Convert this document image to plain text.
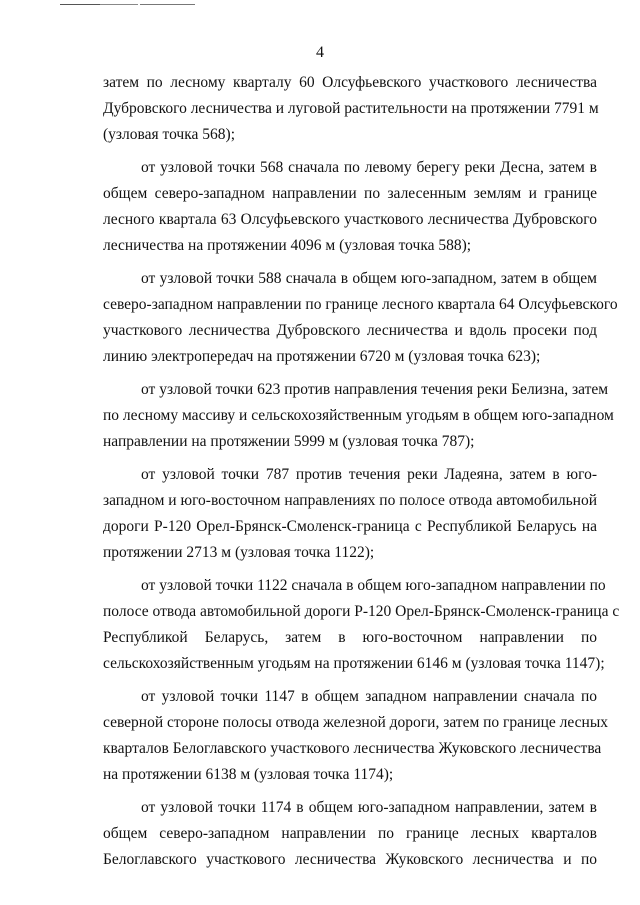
4
затем по лесному кварталу 60 Олсуфьевского участкового лесничества
Дубровского лесничества и луговой растительности на протяжении 7791 м
(узловая точка 568);
от узловой точки 568 сначала по левому берегу реки Десна, затем в
общем северо-западном направлении по залесенным землям и границе
лесного квартала 63 Олсуфьевского участкового лесничества Дубровского
лесничества на протяжении 4096 м (узловая точка 588);
от узловой точки 588 сначала в общем юго-западном, затем в общем
северо-западном направлении по границе лесного квартала 64 Олсуфьевского
участкового лесничества Дубровского лесничества и вдоль просеки под
линию электропередач на протяжении 6720 м (узловая точка 623);
от узловой точки 623 против направления течения реки Белизна, затем
по лесному массиву и сельскохозяйственным угодьям в общем юго-западном
направлении на протяжении 5999 м (узловая точка 787);
от узловой точки 787 против течения реки Ладеяна, затем в юго-
западном и юго-восточном направлениях по полосе отвода автомобильной
дороги Р-120 Орел-Брянск-Смоленск-граница с Республикой Беларусь на
протяжении 2713 м (узловая точка 1122);
от узловой точки 1122 сначала в общем юго-западном направлении по
полосе отвода автомобильной дороги Р-120 Орел-Брянск-Смоленск-граница с
Республикой Беларусь, затем в юго-восточном направлении по
сельскохозяйственным угодьям на протяжении 6146 м (узловая точка 1147);
от узловой точки 1147 в общем западном направлении сначала по
северной стороне полосы отвода железной дороги, затем по границе лесных
кварталов Белоглавского участкового лесничества Жуковского лесничества
на протяжении 6138 м (узловая точка 1174);
от узловой точки 1174 в общем юго-западном направлении, затем в
общем северо-западном направлении по границе лесных кварталов
Белоглавского участкового лесничества Жуковского лесничества и по
